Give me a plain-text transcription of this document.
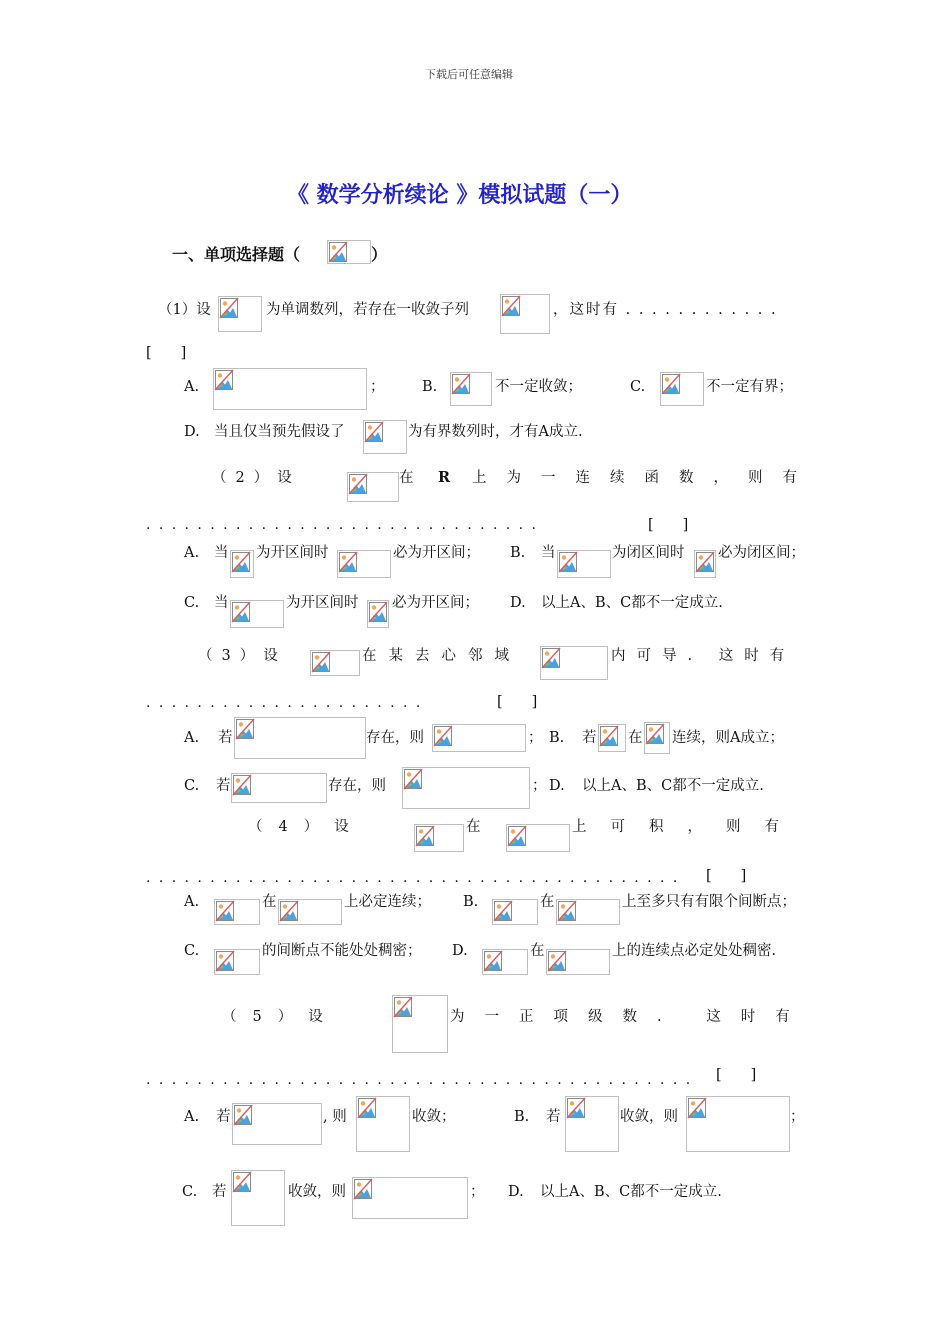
下载后可任意编辑
《 数学分析续论 》模拟试题（一）
一、单项选择题（	）
（1）设	为单调数列，若存在一收敛子列	，这时有 . . . . . . . . . . . .
[　　]
A.	；	B.	不一定收敛；	C.	不一定有界；
D. 当且仅当预先假设了	为有界数列时，才有A成立.
（2）设	在 R 上为一连续函数，则有
...............................	[　　]
A. 当 为开区间时	必为开区间； B. 当	为闭区间时 必为闭区间；
C. 当	为开区间时 必为开区间； D. 以上A、B、C都不一定成立.
（3）设	在某去心邻域	内可导. 这时有
......................	[　　]
A. 若	存在，则	； B. 若 在 连续，则A成立；
C. 若	存在，则	； D. 以上A、B、C都不一定成立.
（4）设	在	上可积，则有
.......................................... [　　]
A.	在	上必定连续； B.	在	上至多只有有限个间断点；
C.	的间断点不能处处稠密； D.	在	上的连续点必定处处稠密.
（5）设	为一正项级数. 这时有
........................................... [　　]
A. 若	, 则	收敛；	B. 若	收敛，则	；
C. 若	收敛，则	； D. 以上A、B、C都不一定成立.
